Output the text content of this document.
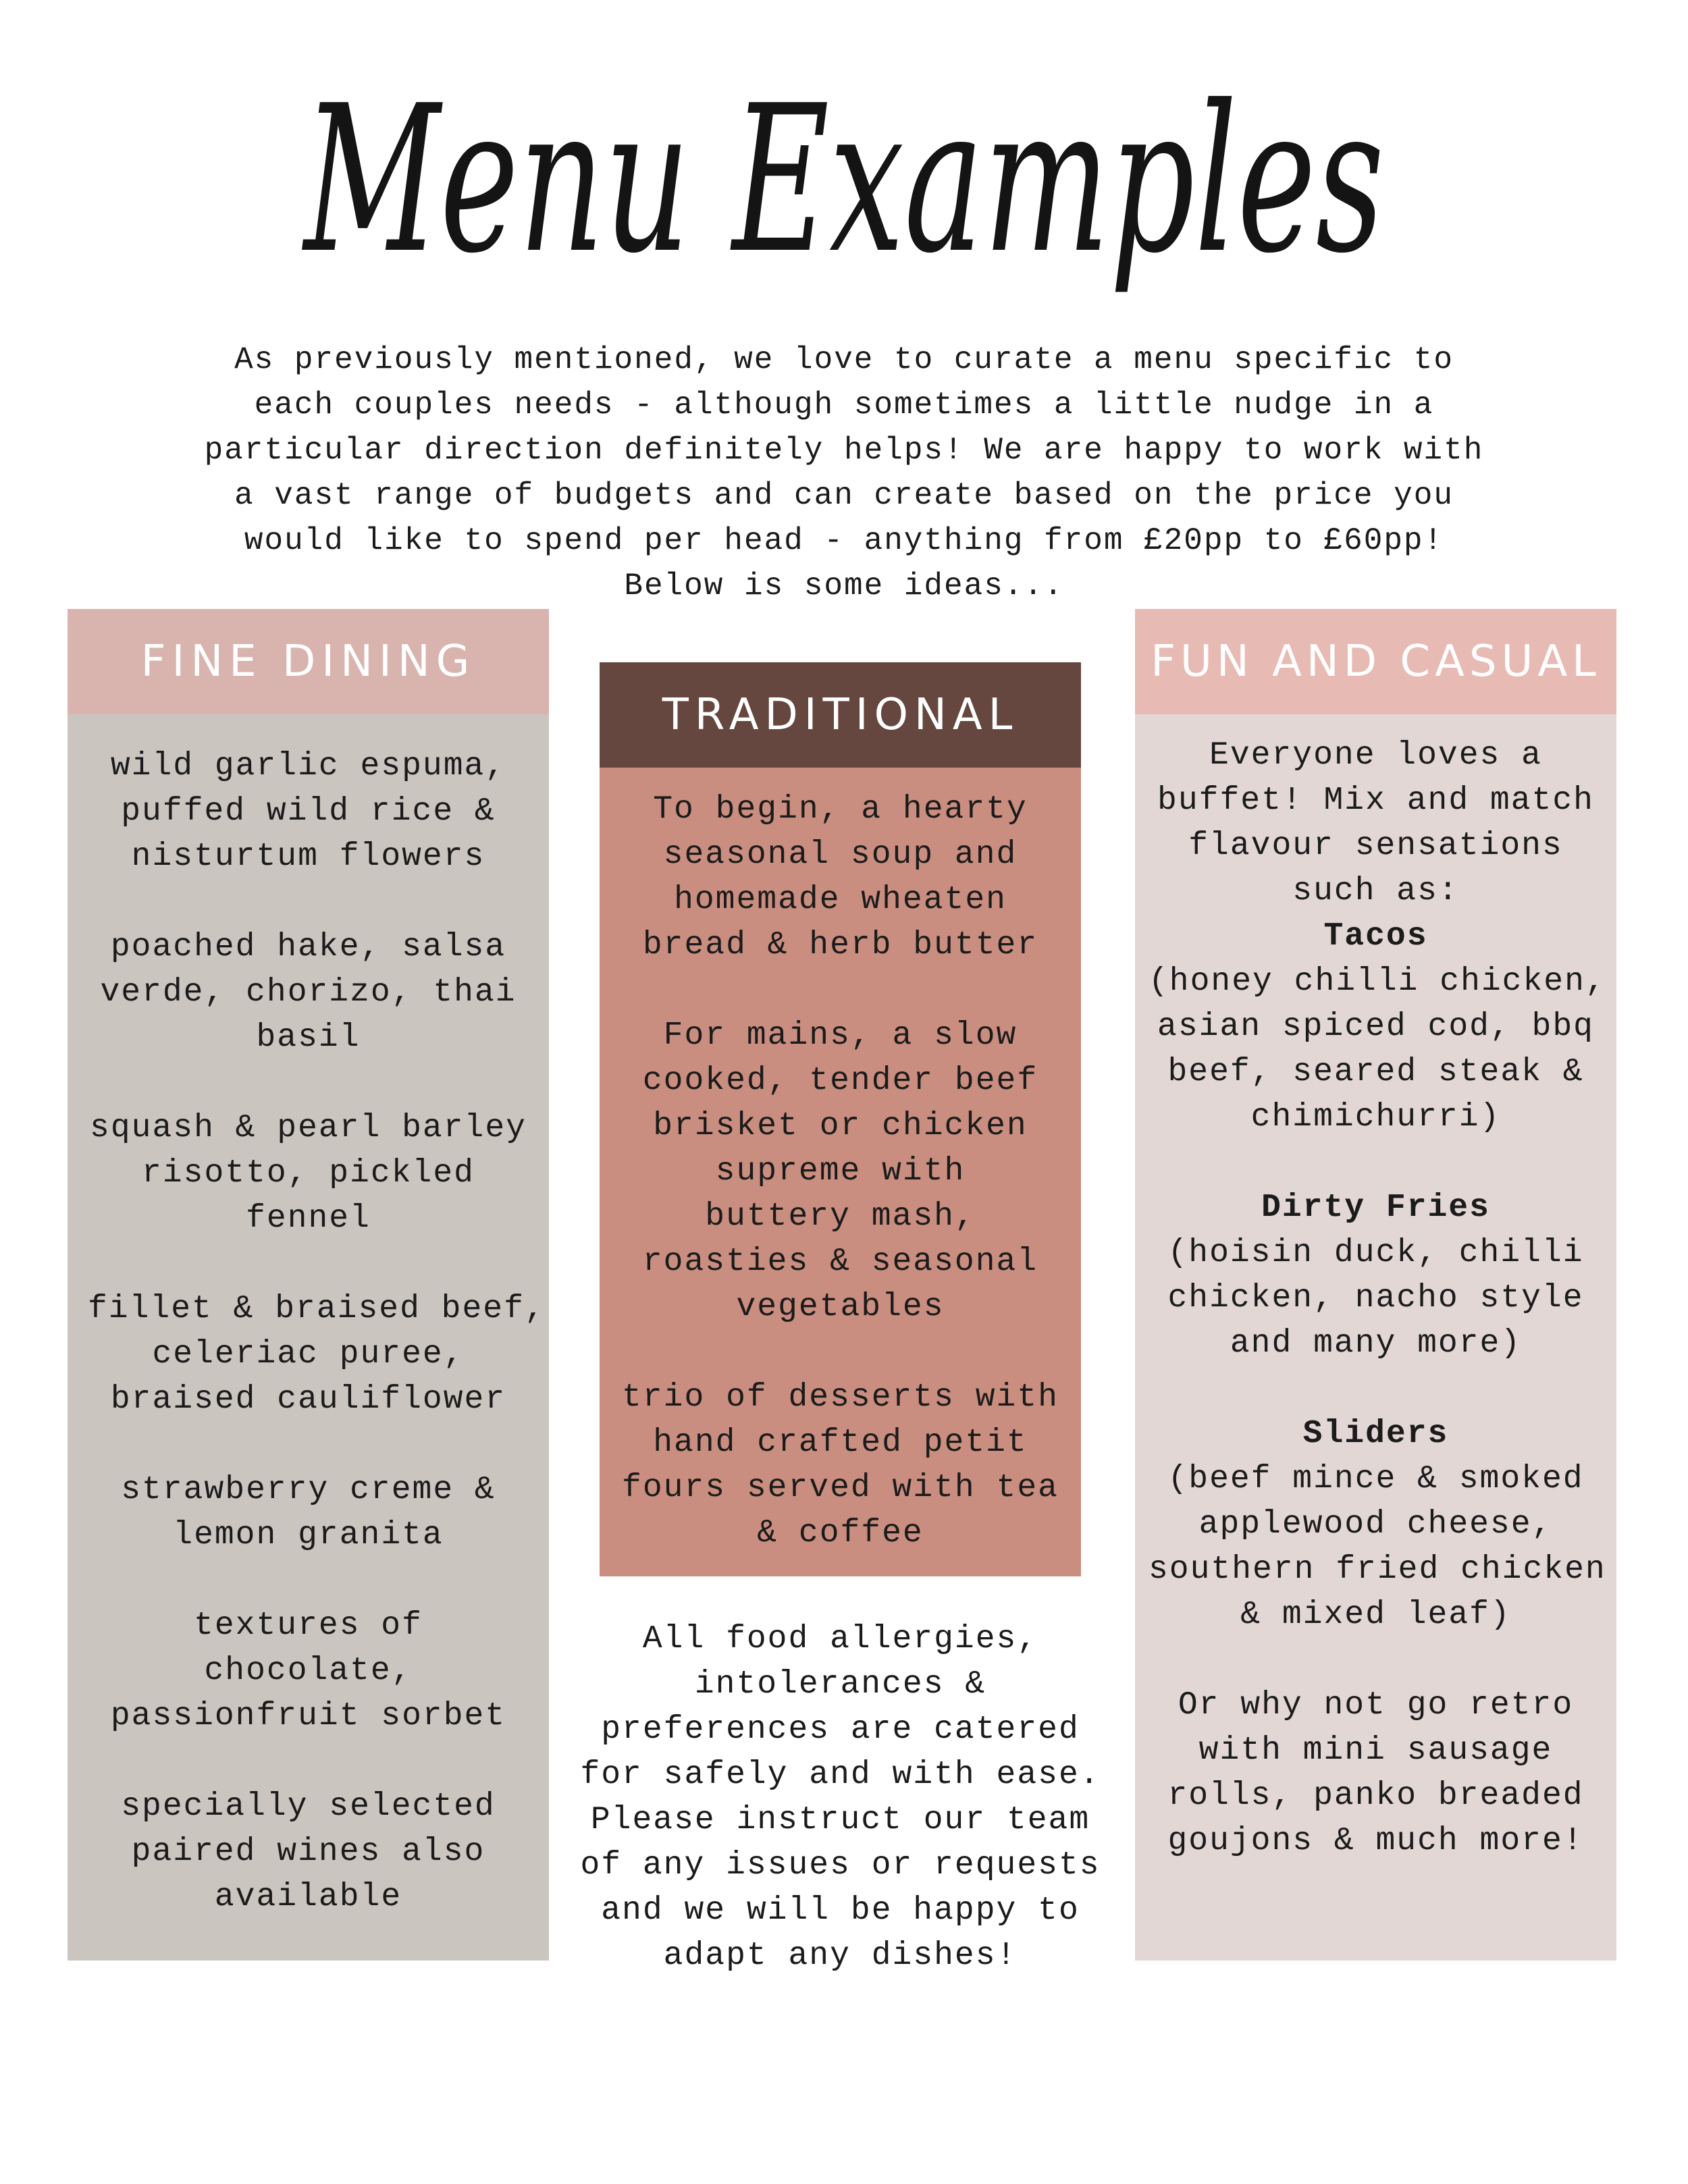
Menu Examples
As previously mentioned, we love to curate a menu specific to
each couples needs - although sometimes a little nudge in a
particular direction definitely helps! We are happy to work with
a vast range of budgets and can create based on the price you
would like to spend per head - anything from £20pp to £60pp!
Below is some ideas...
FINE DINING
wild garlic espuma,
puffed wild rice &
nisturtum flowers
poached hake, salsa
verde, chorizo, thai
basil
squash & pearl barley
risotto, pickled
fennel
fillet & braised beef,
celeriac puree,
braised cauliflower
strawberry creme &
lemon granita
textures of
chocolate,
passionfruit sorbet
specially selected
paired wines also
available
TRADITIONAL
To begin, a hearty
seasonal soup and
homemade wheaten
bread & herb butter
For mains, a slow
cooked, tender beef
brisket or chicken
supreme with
buttery mash,
roasties & seasonal
vegetables
trio of desserts with
hand crafted petit
fours served with tea
& coffee
All food allergies,
intolerances &
preferences are catered
for safely and with ease.
Please instruct our team
of any issues or requests
and we will be happy to
adapt any dishes!
FUN AND CASUAL
Everyone loves a
buffet! Mix and match
flavour sensations
such as:
Tacos
(honey chilli chicken,
asian spiced cod, bbq
beef, seared steak &
chimichurri)
Dirty Fries
(hoisin duck, chilli
chicken, nacho style
and many more)
Sliders
(beef mince & smoked
applewood cheese,
southern fried chicken
& mixed leaf)
Or why not go retro
with mini sausage
rolls, panko breaded
goujons & much more!
